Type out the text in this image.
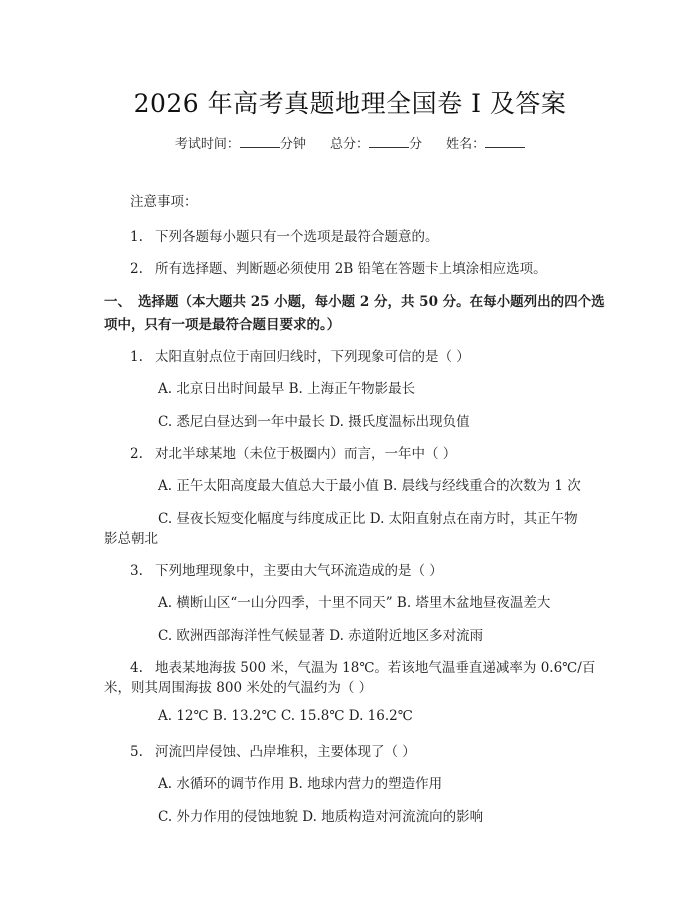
2026 年高考真题地理全国卷 I 及答案
考试时间：	分钟 总分：	分 姓名：
注意事项：
1. 下列各题每小题只有一个选项是最符合题意的。
2. 所有选择题、判断题必须使用 2B 铅笔在答题卡上填涂相应选项。
一、 选择题（本大题共 25 小题，每小题 2 分，共 50 分。在每小题列出的四个选
项中，只有一项是最符合题目要求的。）
1. 太阳直射点位于南回归线时，下列现象可信的是（ ）
A. 北京日出时间最早 B. 上海正午物影最长
C. 悉尼白昼达到一年中最长 D. 摄氏度温标出现负值
2. 对北半球某地（未位于极圈内）而言，一年中（ ）
A. 正午太阳高度最大值总大于最小值 B. 晨线与经线重合的次数为 1 次
C. 昼夜长短变化幅度与纬度成正比 D. 太阳直射点在南方时，其正午物
影总朝北
3. 下列地理现象中，主要由大气环流造成的是（ ）
A. 横断山区“一山分四季，十里不同天” B. 塔里木盆地昼夜温差大
C. 欧洲西部海洋性气候显著 D. 赤道附近地区多对流雨
4. 地表某地海拔 500 米，气温为 18℃。若该地气温垂直递减率为 0.6℃/百
米，则其周围海拔 800 米处的气温约为（ ）
A. 12℃ B. 13.2℃ C. 15.8℃ D. 16.2℃
5. 河流凹岸侵蚀、凸岸堆积，主要体现了（ ）
A. 水循环的调节作用 B. 地球内营力的塑造作用
C. 外力作用的侵蚀地貌 D. 地质构造对河流流向的影响
